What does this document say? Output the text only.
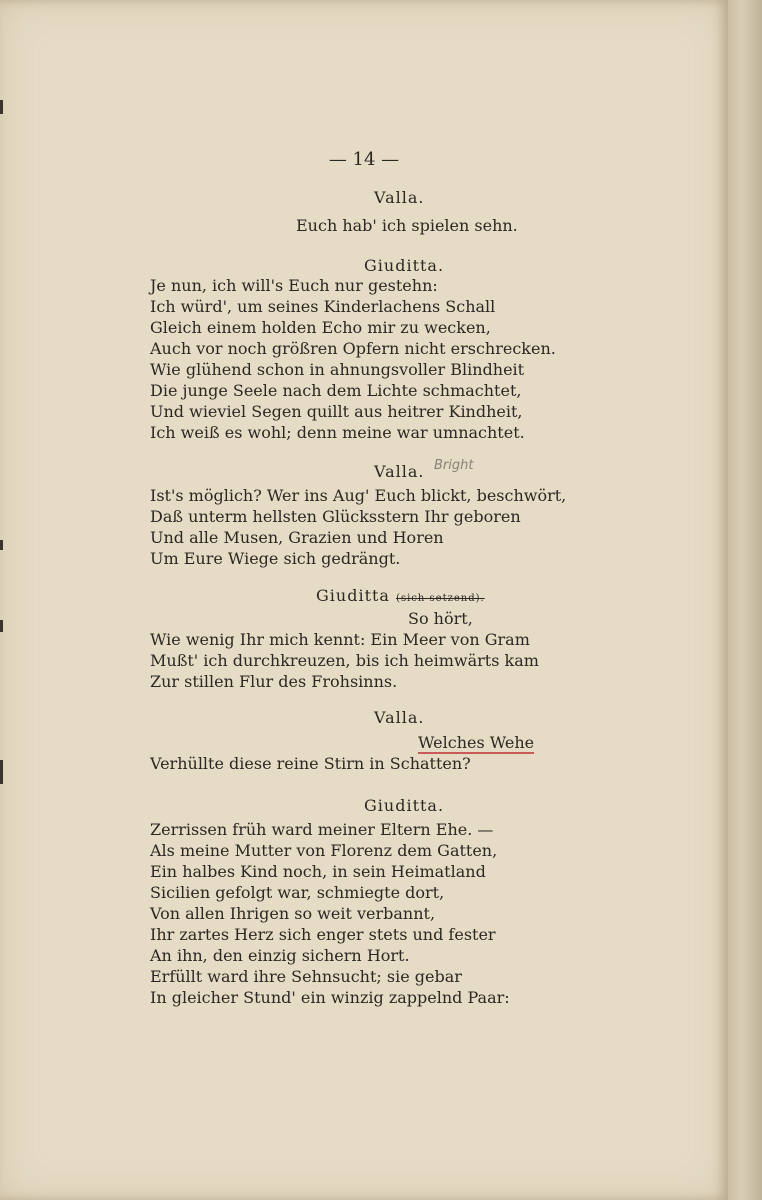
— 14 —
Valla.
Euch hab' ich spielen sehn.
Giuditta.
Je nun, ich will's Euch nur gestehn:
Ich würd', um seines Kinderlachens Schall
Gleich einem holden Echo mir zu wecken,
Auch vor noch größren Opfern nicht erschrecken.
Wie glühend schon in ahnungsvoller Blindheit
Die junge Seele nach dem Lichte schmachtet,
Und wieviel Segen quillt aus heitrer Kindheit,
Ich weiß es wohl; denn meine war umnachtet.
Valla. Bright
Ist's möglich? Wer ins Aug' Euch blickt, beschwört,
Daß unterm hellsten Glücksstern Ihr geboren
Und alle Musen, Grazien und Horen
Um Eure Wiege sich gedrängt.
Giuditta (sich setzend).
So hört,
Wie wenig Ihr mich kennt: Ein Meer von Gram
Mußt' ich durchkreuzen, bis ich heimwärts kam
Zur stillen Flur des Frohsinns.
Valla.
Welches Wehe
Verhüllte diese reine Stirn in Schatten?
Giuditta.
Zerrissen früh ward meiner Eltern Ehe. —
Als meine Mutter von Florenz dem Gatten,
Ein halbes Kind noch, in sein Heimatland
Sicilien gefolgt war, schmiegte dort,
Von allen Ihrigen so weit verbannt,
Ihr zartes Herz sich enger stets und fester
An ihn, den einzig sichern Hort.
Erfüllt ward ihre Sehnsucht; sie gebar
In gleicher Stund' ein winzig zappelnd Paar:
